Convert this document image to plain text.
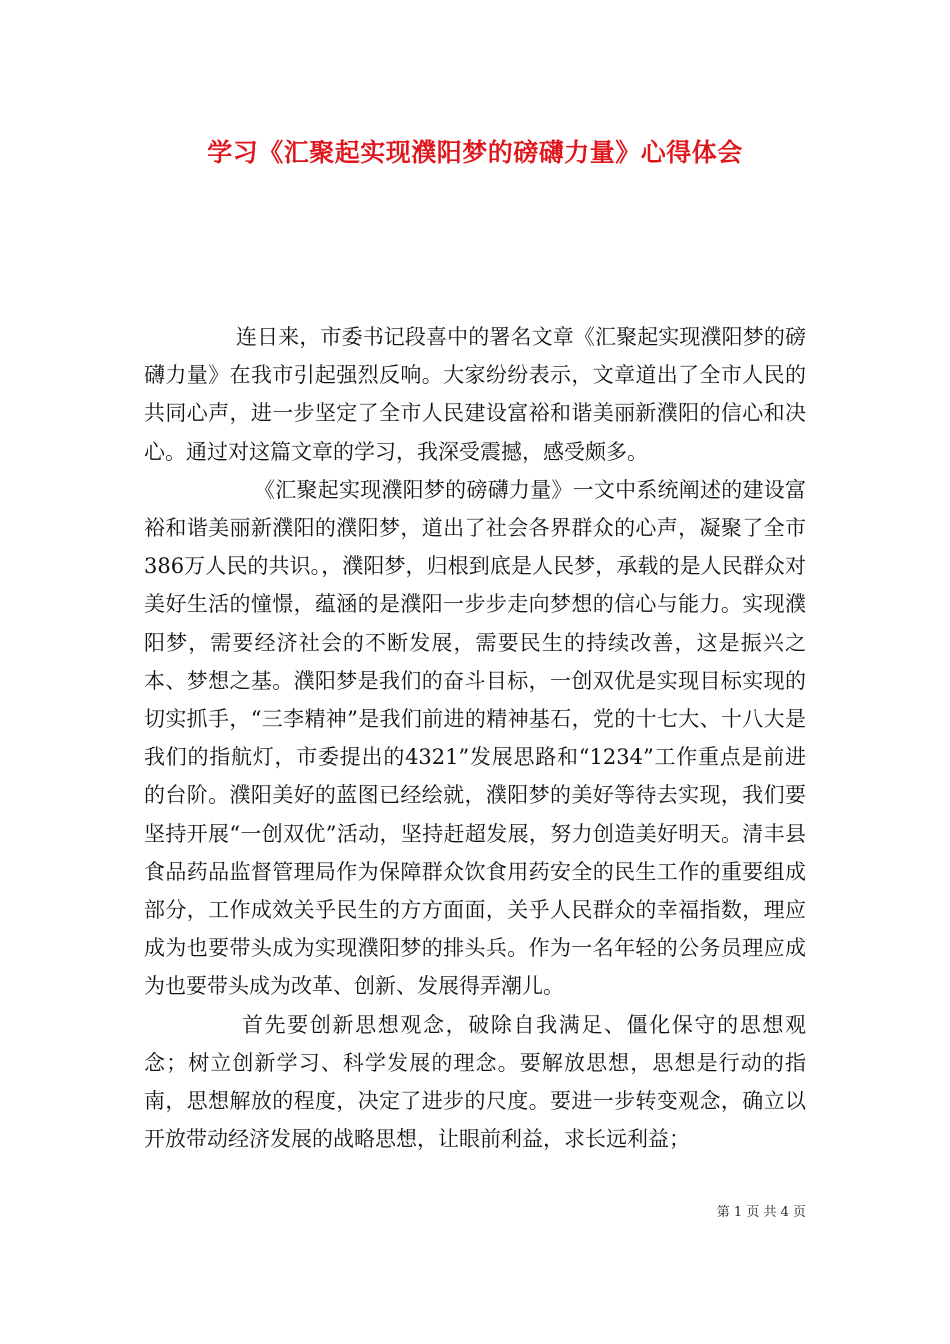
学习《汇聚起实现濮阳梦的磅礴力量》心得体会

连日来，市委书记段喜中的署名文章《汇聚起实现濮阳梦的磅礴力量》在我市引起强烈反响。大家纷纷表示，文章道出了全市人民的共同心声，进一步坚定了全市人民建设富裕和谐美丽新濮阳的信心和决心。通过对这篇文章的学习，我深受震撼，感受颇多。

《汇聚起实现濮阳梦的磅礴力量》一文中系统阐述的建设富裕和谐美丽新濮阳的濮阳梦，道出了社会各界群众的心声，凝聚了全市386万人民的共识。，濮阳梦，归根到底是人民梦，承载的是人民群众对美好生活的憧憬，蕴涵的是濮阳一步步走向梦想的信心与能力。实现濮阳梦，需要经济社会的不断发展，需要民生的持续改善，这是振兴之本、梦想之基。濮阳梦是我们的奋斗目标，一创双优是实现目标实现的切实抓手，“三李精神”是我们前进的精神基石，党的十七大、十八大是我们的指航灯，市委提出的4321”发展思路和“1234”工作重点是前进的台阶。濮阳美好的蓝图已经绘就，濮阳梦的美好等待去实现，我们要坚持开展“一创双优”活动，坚持赶超发展，努力创造美好明天。清丰县食品药品监督管理局作为保障群众饮食用药安全的民生工作的重要组成部分，工作成效关乎民生的方方面面，关乎人民群众的幸福指数，理应成为也要带头成为实现濮阳梦的排头兵。作为一名年轻的公务员理应成为也要带头成为改革、创新、发展得弄潮儿。

首先要创新思想观念，破除自我满足、僵化保守的思想观念；树立创新学习、科学发展的理念。要解放思想，思想是行动的指南，思想解放的程度，决定了进步的尺度。要进一步转变观念，确立以开放带动经济发展的战略思想，让眼前利益，求长远利益；

第 1 页 共 4 页
